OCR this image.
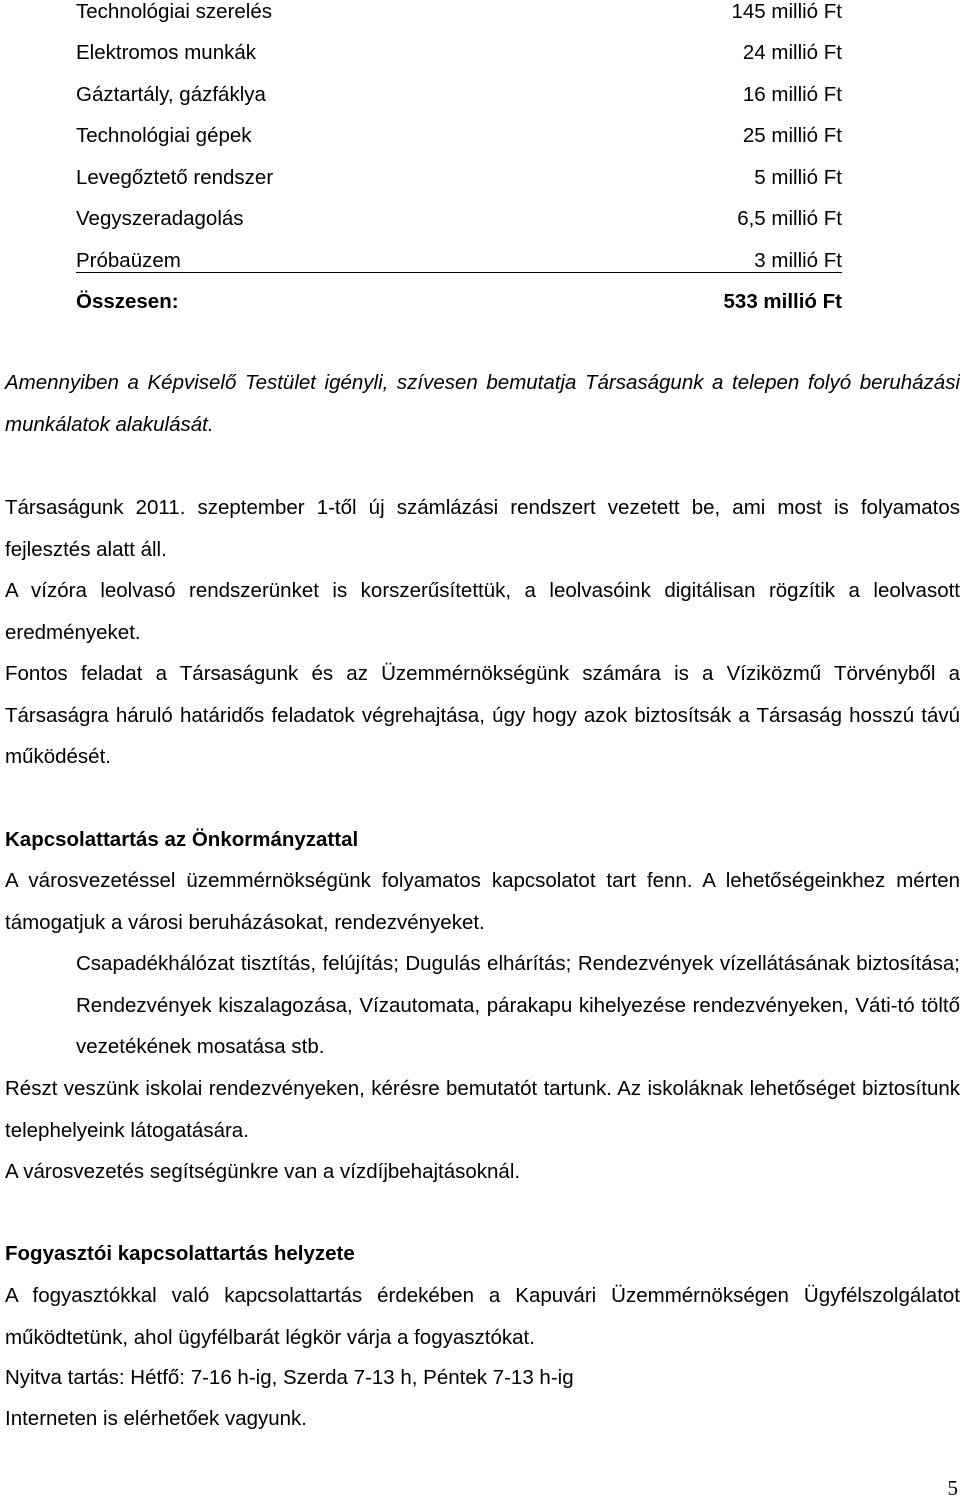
Technológiai szerelés	145 millió Ft
Elektromos munkák	24 millió Ft
Gáztartály, gázfáklya	16 millió Ft
Technológiai gépek	25 millió Ft
Levegőztető rendszer	5 millió Ft
Vegyszeradagolás	6,5 millió Ft
Próbaüzem	3 millió Ft
Összesen:	533 millió Ft
Amennyiben a Képviselő Testület igényli, szívesen bemutatja Társaságunk a telepen folyó beruházási munkálatok alakulását.
Társaságunk 2011. szeptember 1-től új számlázási rendszert vezetett be, ami most is folyamatos fejlesztés alatt áll.
A vízóra leolvasó rendszerünket is korszerűsítettük, a leolvasóink digitálisan rögzítik a leolvasott eredményeket.
Fontos feladat a Társaságunk és az Üzemmérnökségünk számára is a Víziközmű Törvényből a Társaságra háruló határidős feladatok végrehajtása, úgy hogy azok biztosítsák a Társaság hosszú távú működését.
Kapcsolattartás az Önkormányzattal
A városvezetéssel üzemmérnökségünk folyamatos kapcsolatot tart fenn. A lehetőségeinkhez mérten támogatjuk a városi beruházásokat, rendezvényeket.
Csapadékhálózat tisztítás, felújítás; Dugulás elhárítás; Rendezvények vízellátásának biztosítása; Rendezvények kiszalagozása, Vízautomata, párakapu kihelyezése rendezvényeken, Váti-tó töltő vezetékének mosatása stb.
Részt veszünk iskolai rendezvényeken, kérésre bemutatót tartunk. Az iskoláknak lehetőséget biztosítunk telephelyeink látogatására.
A városvezetés segítségünkre van a vízdíjbehajtásoknál.
Fogyasztói kapcsolattartás helyzete
A fogyasztókkal való kapcsolattartás érdekében a Kapuvári Üzemmérnökségen Ügyfélszolgálatot működtetünk, ahol ügyfélbarát légkör várja a fogyasztókat.
Nyitva tartás: Hétfő: 7-16 h-ig, Szerda 7-13 h, Péntek 7-13 h-ig
Interneten is elérhetőek vagyunk.
5
